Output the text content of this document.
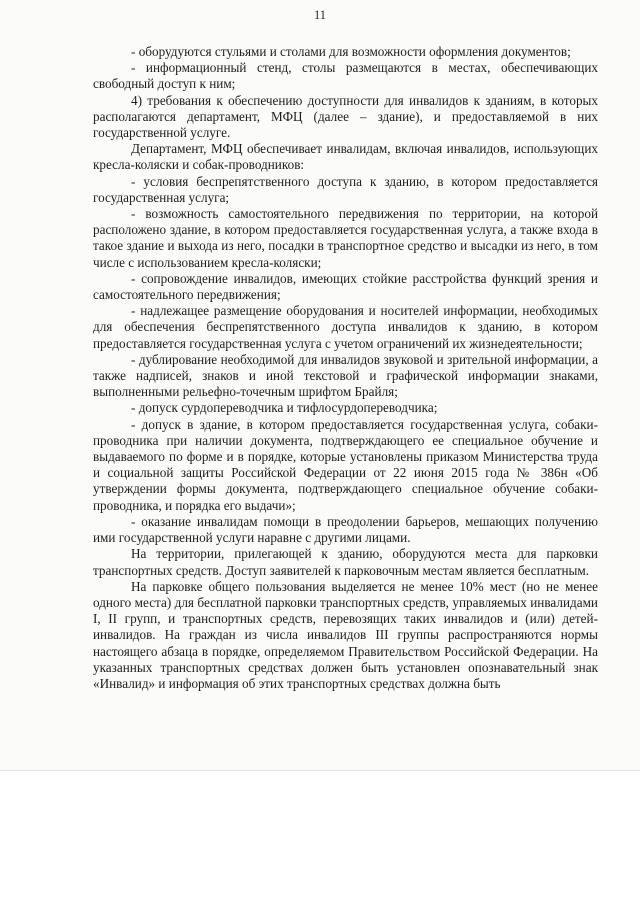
11

- оборудуются стульями и столами для возможности оформления документов;

- информационный стенд, столы размещаются в местах, обеспечивающих свободный доступ к ним;

4) требования к обеспечению доступности для инвалидов к зданиям, в которых располагаются департамент, МФЦ (далее – здание), и предоставляемой в них государственной услуге.

Департамент, МФЦ обеспечивает инвалидам, включая инвалидов, использующих кресла-коляски и собак-проводников:

- условия беспрепятственного доступа к зданию, в котором предоставляется государственная услуга;

- возможность самостоятельного передвижения по территории, на которой расположено здание, в котором предоставляется государственная услуга, а также входа в такое здание и выхода из него, посадки в транспортное средство и высадки из него, в том числе с использованием кресла-коляски;

- сопровождение инвалидов, имеющих стойкие расстройства функций зрения и самостоятельного передвижения;

- надлежащее размещение оборудования и носителей информации, необходимых для обеспечения беспрепятственного доступа инвалидов к зданию, в котором предоставляется государственная услуга с учетом ограничений их жизнедеятельности;

- дублирование необходимой для инвалидов звуковой и зрительной информации, а также надписей, знаков и иной текстовой и графической информации знаками, выполненными рельефно-точечным шрифтом Брайля;

- допуск сурдопереводчика и тифлосурдопереводчика;

- допуск в здание, в котором предоставляется государственная услуга, собаки-проводника при наличии документа, подтверждающего ее специальное обучение и выдаваемого по форме и в порядке, которые установлены приказом Министерства труда и социальной защиты Российской Федерации от 22 июня 2015 года № 386н «Об утверждении формы документа, подтверждающего специальное обучение собаки-проводника, и порядка его выдачи»;

- оказание инвалидам помощи в преодолении барьеров, мешающих получению ими государственной услуги наравне с другими лицами.

На территории, прилегающей к зданию, оборудуются места для парковки транспортных средств. Доступ заявителей к парковочным местам является бесплатным.

На парковке общего пользования выделяется не менее 10% мест (но не менее одного места) для бесплатной парковки транспортных средств, управляемых инвалидами I, II групп, и транспортных средств, перевозящих таких инвалидов и (или) детей-инвалидов. На граждан из числа инвалидов III группы распространяются нормы настоящего абзаца в порядке, определяемом Правительством Российской Федерации. На указанных транспортных средствах должен быть установлен опознавательный знак «Инвалид» и информация об этих транспортных средствах должна быть
